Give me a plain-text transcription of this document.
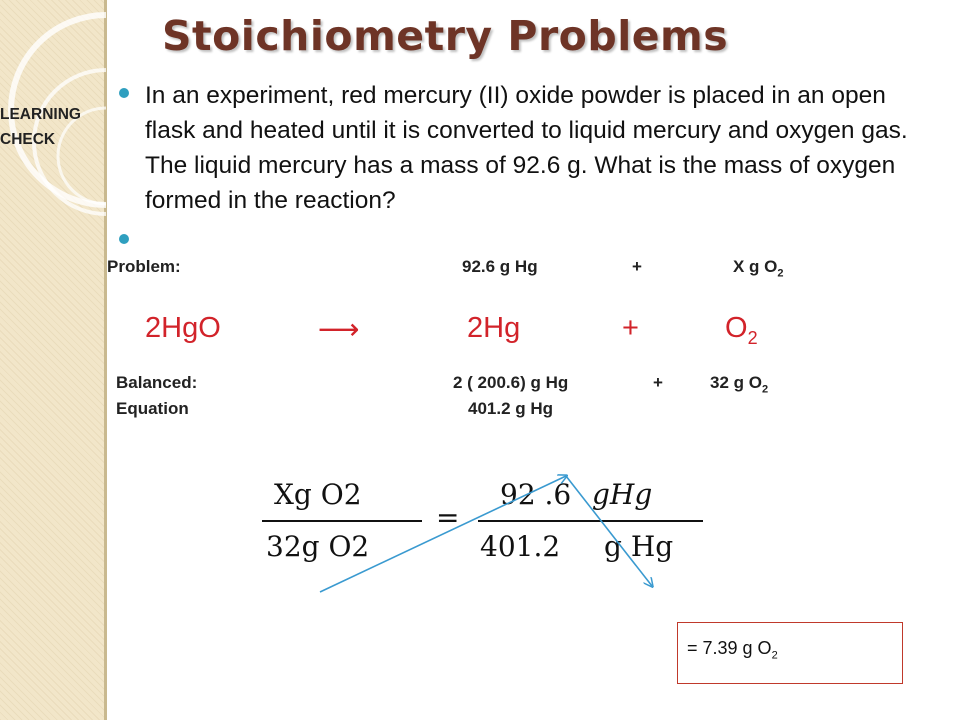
Stoichiometry Problems
LEARNING
CHECK
In an experiment, red mercury (II) oxide powder is placed in an open flask and heated until it is converted to liquid mercury and oxygen gas. The liquid mercury has a mass of 92.6 g. What is the mass of oxygen formed in the reaction?
Problem:	92.6 g Hg	+	X g $O_2$
2HgO	⟶	2Hg	+	$O_2$
Balanced:
Equation
2 ( 200.6) g Hg	+	32 g $O_2$
401.2 g Hg
Xg O2
32g O2
=
92 .6 gHg
401.2 g Hg
= 7.39 g $O_2$
